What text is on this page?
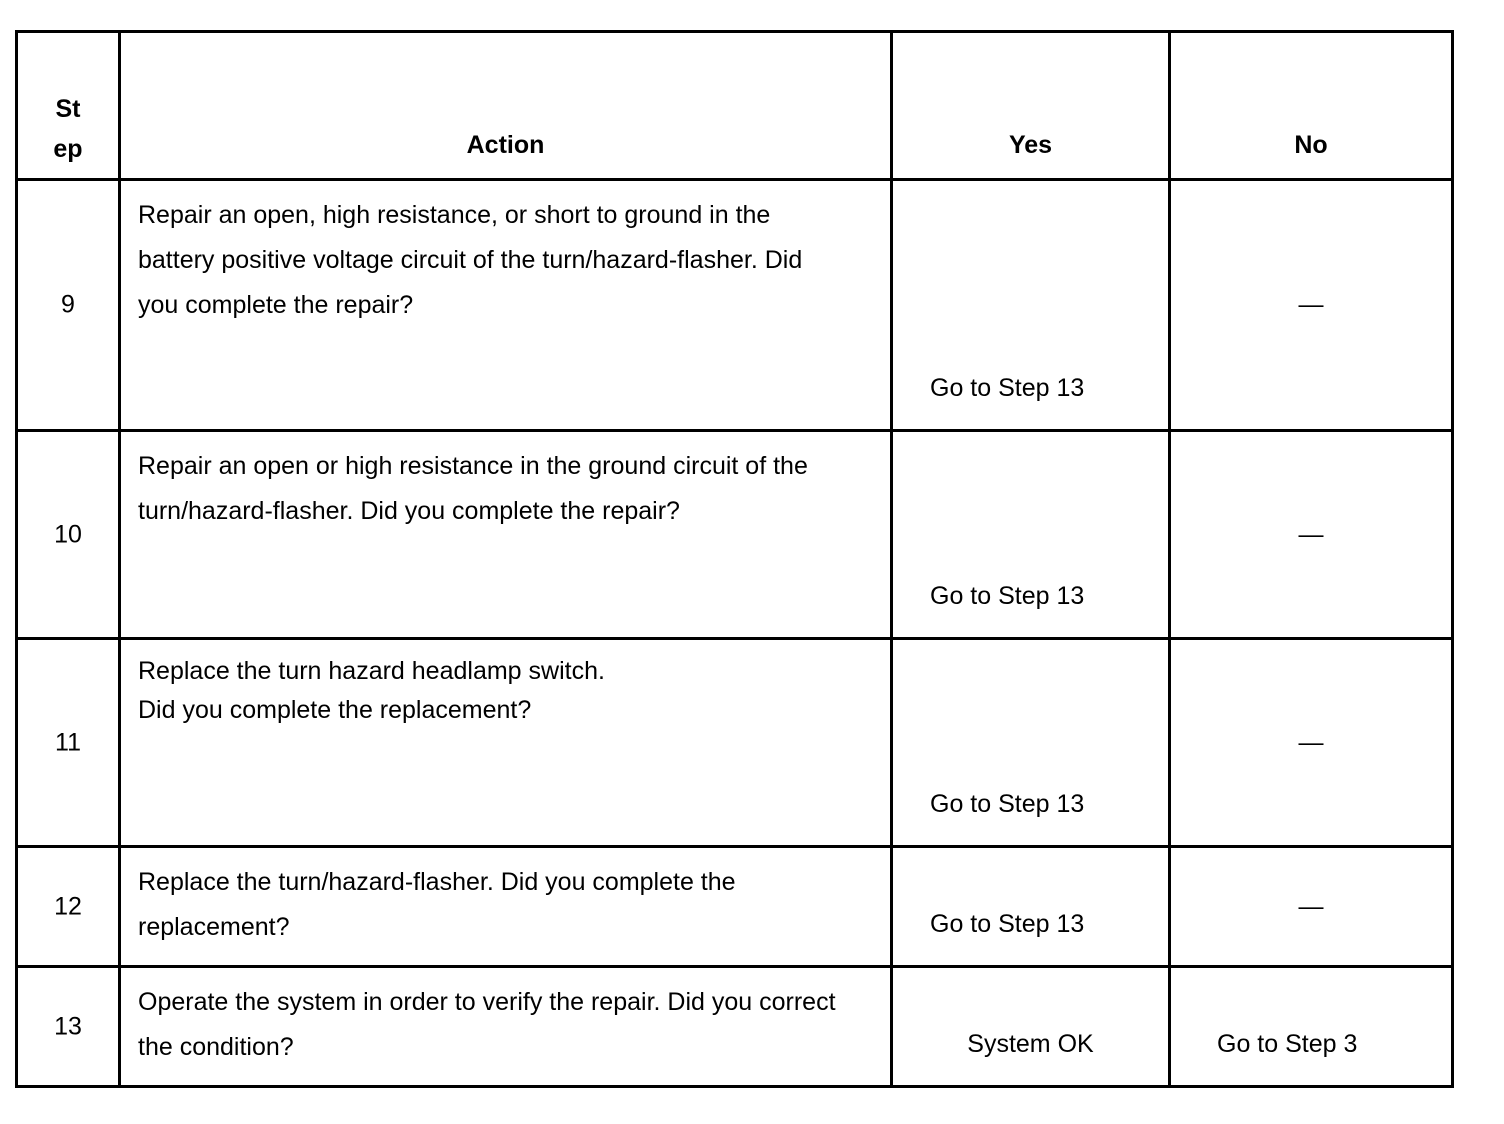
St
ep	Action	Yes	No

9	Repair an open, high resistance, or short to ground in the battery positive voltage circuit of the turn/hazard-flasher. Did you complete the repair?	Go to Step 13	—

10	Repair an open or high resistance in the ground circuit of the turn/hazard-flasher. Did you complete the repair?	Go to Step 13	—

11	Replace the turn hazard headlamp switch.
Did you complete the replacement?	Go to Step 13	—

12	Replace the turn/hazard-flasher. Did you complete the replacement?	Go to Step 13	—

13	Operate the system in order to verify the repair. Did you correct the condition?	System OK	Go to Step 3
